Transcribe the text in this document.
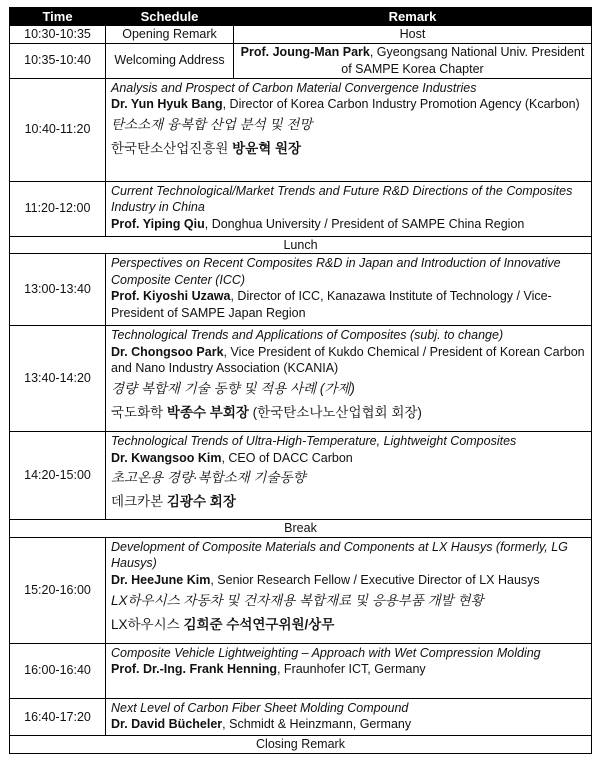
Time	Schedule	Remark
10:30-10:35	Opening Remark	Host
10:35-10:40	Welcoming Address	Prof. Joung-Man Park, Gyeongsang National Univ. President of SAMPE Korea Chapter
10:40-11:20	Analysis and Prospect of Carbon Material Convergence Industries
Dr. Yun Hyuk Bang, Director of Korea Carbon Industry Promotion Agency (Kcarbon)
탄소소재 융복합 산업 분석 및 전망
한국탄소산업진흥원 방윤혁 원장	

11:20-12:00	Current Technological/Market Trends and Future R&D Directions of the Composites Industry in China
Prof. Yiping Qiu, Donghua University / President of SAMPE China Region	

Lunch		
13:00-13:40	Perspectives on Recent Composites R&D in Japan and Introduction of Innovative Composite Center (ICC)
Prof. Kiyoshi Uzawa, Director of ICC, Kanazawa Institute of Technology / Vice-President of SAMPE Japan Region	

13:40-14:20	Technological Trends and Applications of Composites (subj. to change)
Dr. Chongsoo Park, Vice President of Kukdo Chemical / President of Korean Carbon and Nano Industry Association (KCANIA)
경량 복합재 기술 동향 및 적용 사례 (가제)
국도화학 박종수 부회장 (한국탄소나노산업협회 회장)	

14:20-15:00	Technological Trends of Ultra-High-Temperature, Lightweight Composites
Dr. Kwangsoo Kim, CEO of DACC Carbon
초고온용 경량·복합소재 기술동향
데크카본 김광수 회장	

Break		
15:20-16:00	Development of Composite Materials and Components at LX Hausys (formerly, LG Hausys)
Dr. HeeJune Kim, Senior Research Fellow / Executive Director of LX Hausys
LX하우시스 자동차 및 건자재용 복합재료 및 응용부품 개발 현황
LX하우시스 김희준 수석연구위원/상무	

16:00-16:40	Composite Vehicle Lightweighting – Approach with Wet Compression Molding
Prof. Dr.-Ing. Frank Henning, Fraunhofer ICT, Germany	

16:40-17:20	Next Level of Carbon Fiber Sheet Molding Compound
Dr. David Bücheler, Schmidt & Heinzmann, Germany	

Closing Remark		
